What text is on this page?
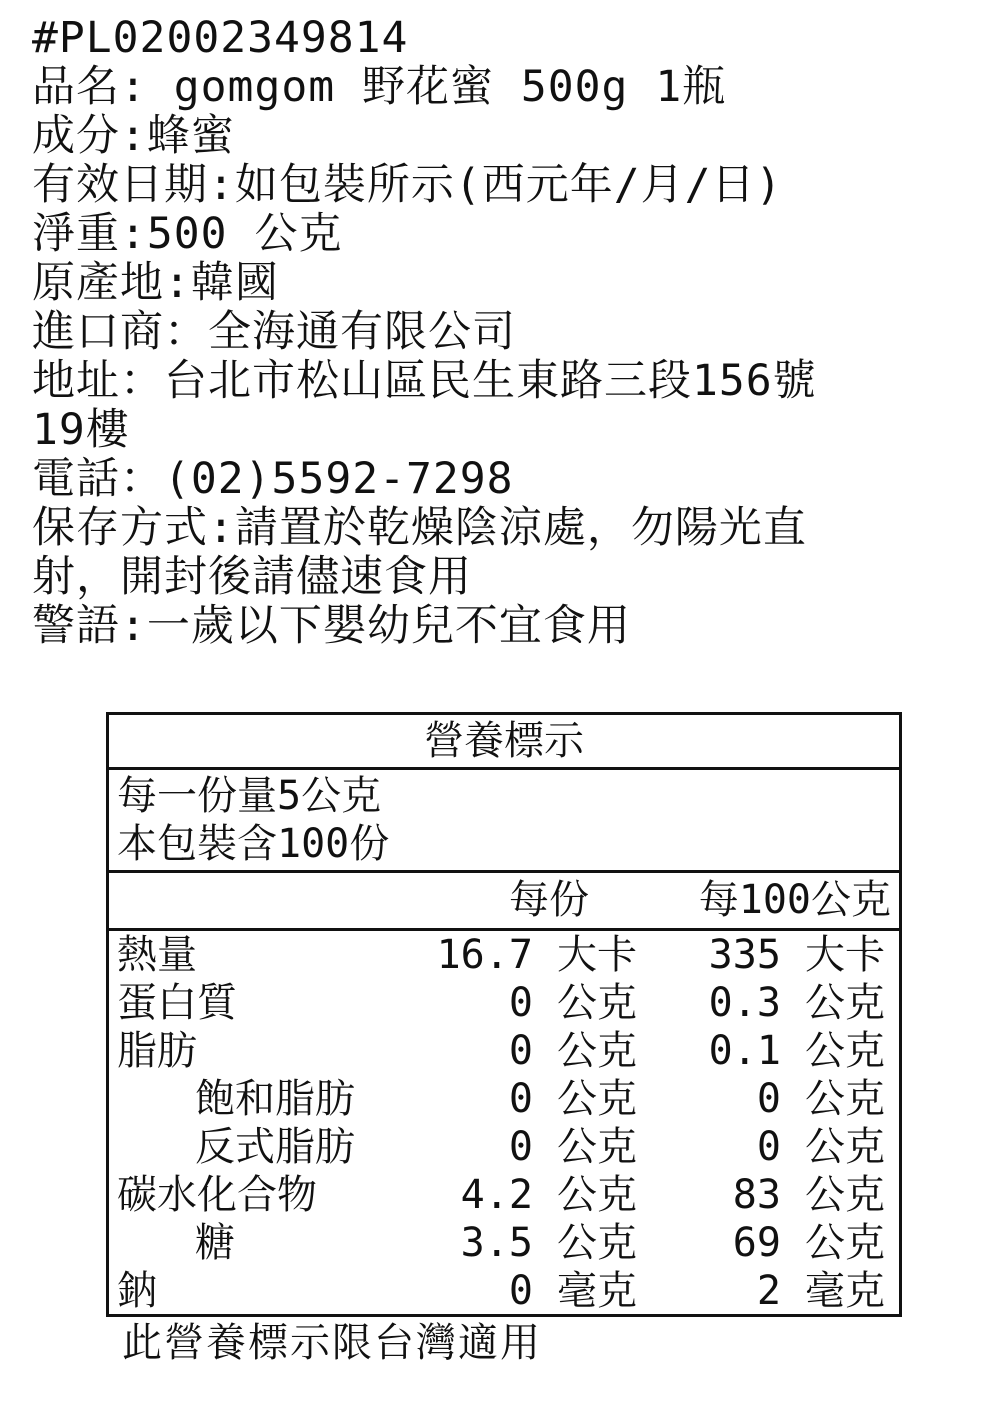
#PL02002349814
品名: gomgom 野花蜜 500g 1瓶
成分:蜂蜜
有效日期:如包裝所示(西元年/月/日)
淨重:500 公克
原產地:韓國
進口商：全海通有限公司
地址：台北市松山區民生東路三段156號
19樓
電話：(02)5592-7298
保存方式:請置於乾燥陰涼處，勿陽光直
射，開封後請儘速食用
警語:一歲以下嬰幼兒不宜食用
營養標示
每一份量5公克
本包裝含100份
每份	每100公克
熱量	16.7 大卡 335 大卡
蛋白質	0 公克 0.3 公克
脂肪	0 公克 0.1 公克
飽和脂肪	0 公克	0 公克
反式脂肪	0 公克	0 公克
碳水化合物	4.2 公克 83 公克
糖	3.5 公克 69 公克
鈉	0 毫克	2 毫克
此營養標示限台灣適用
